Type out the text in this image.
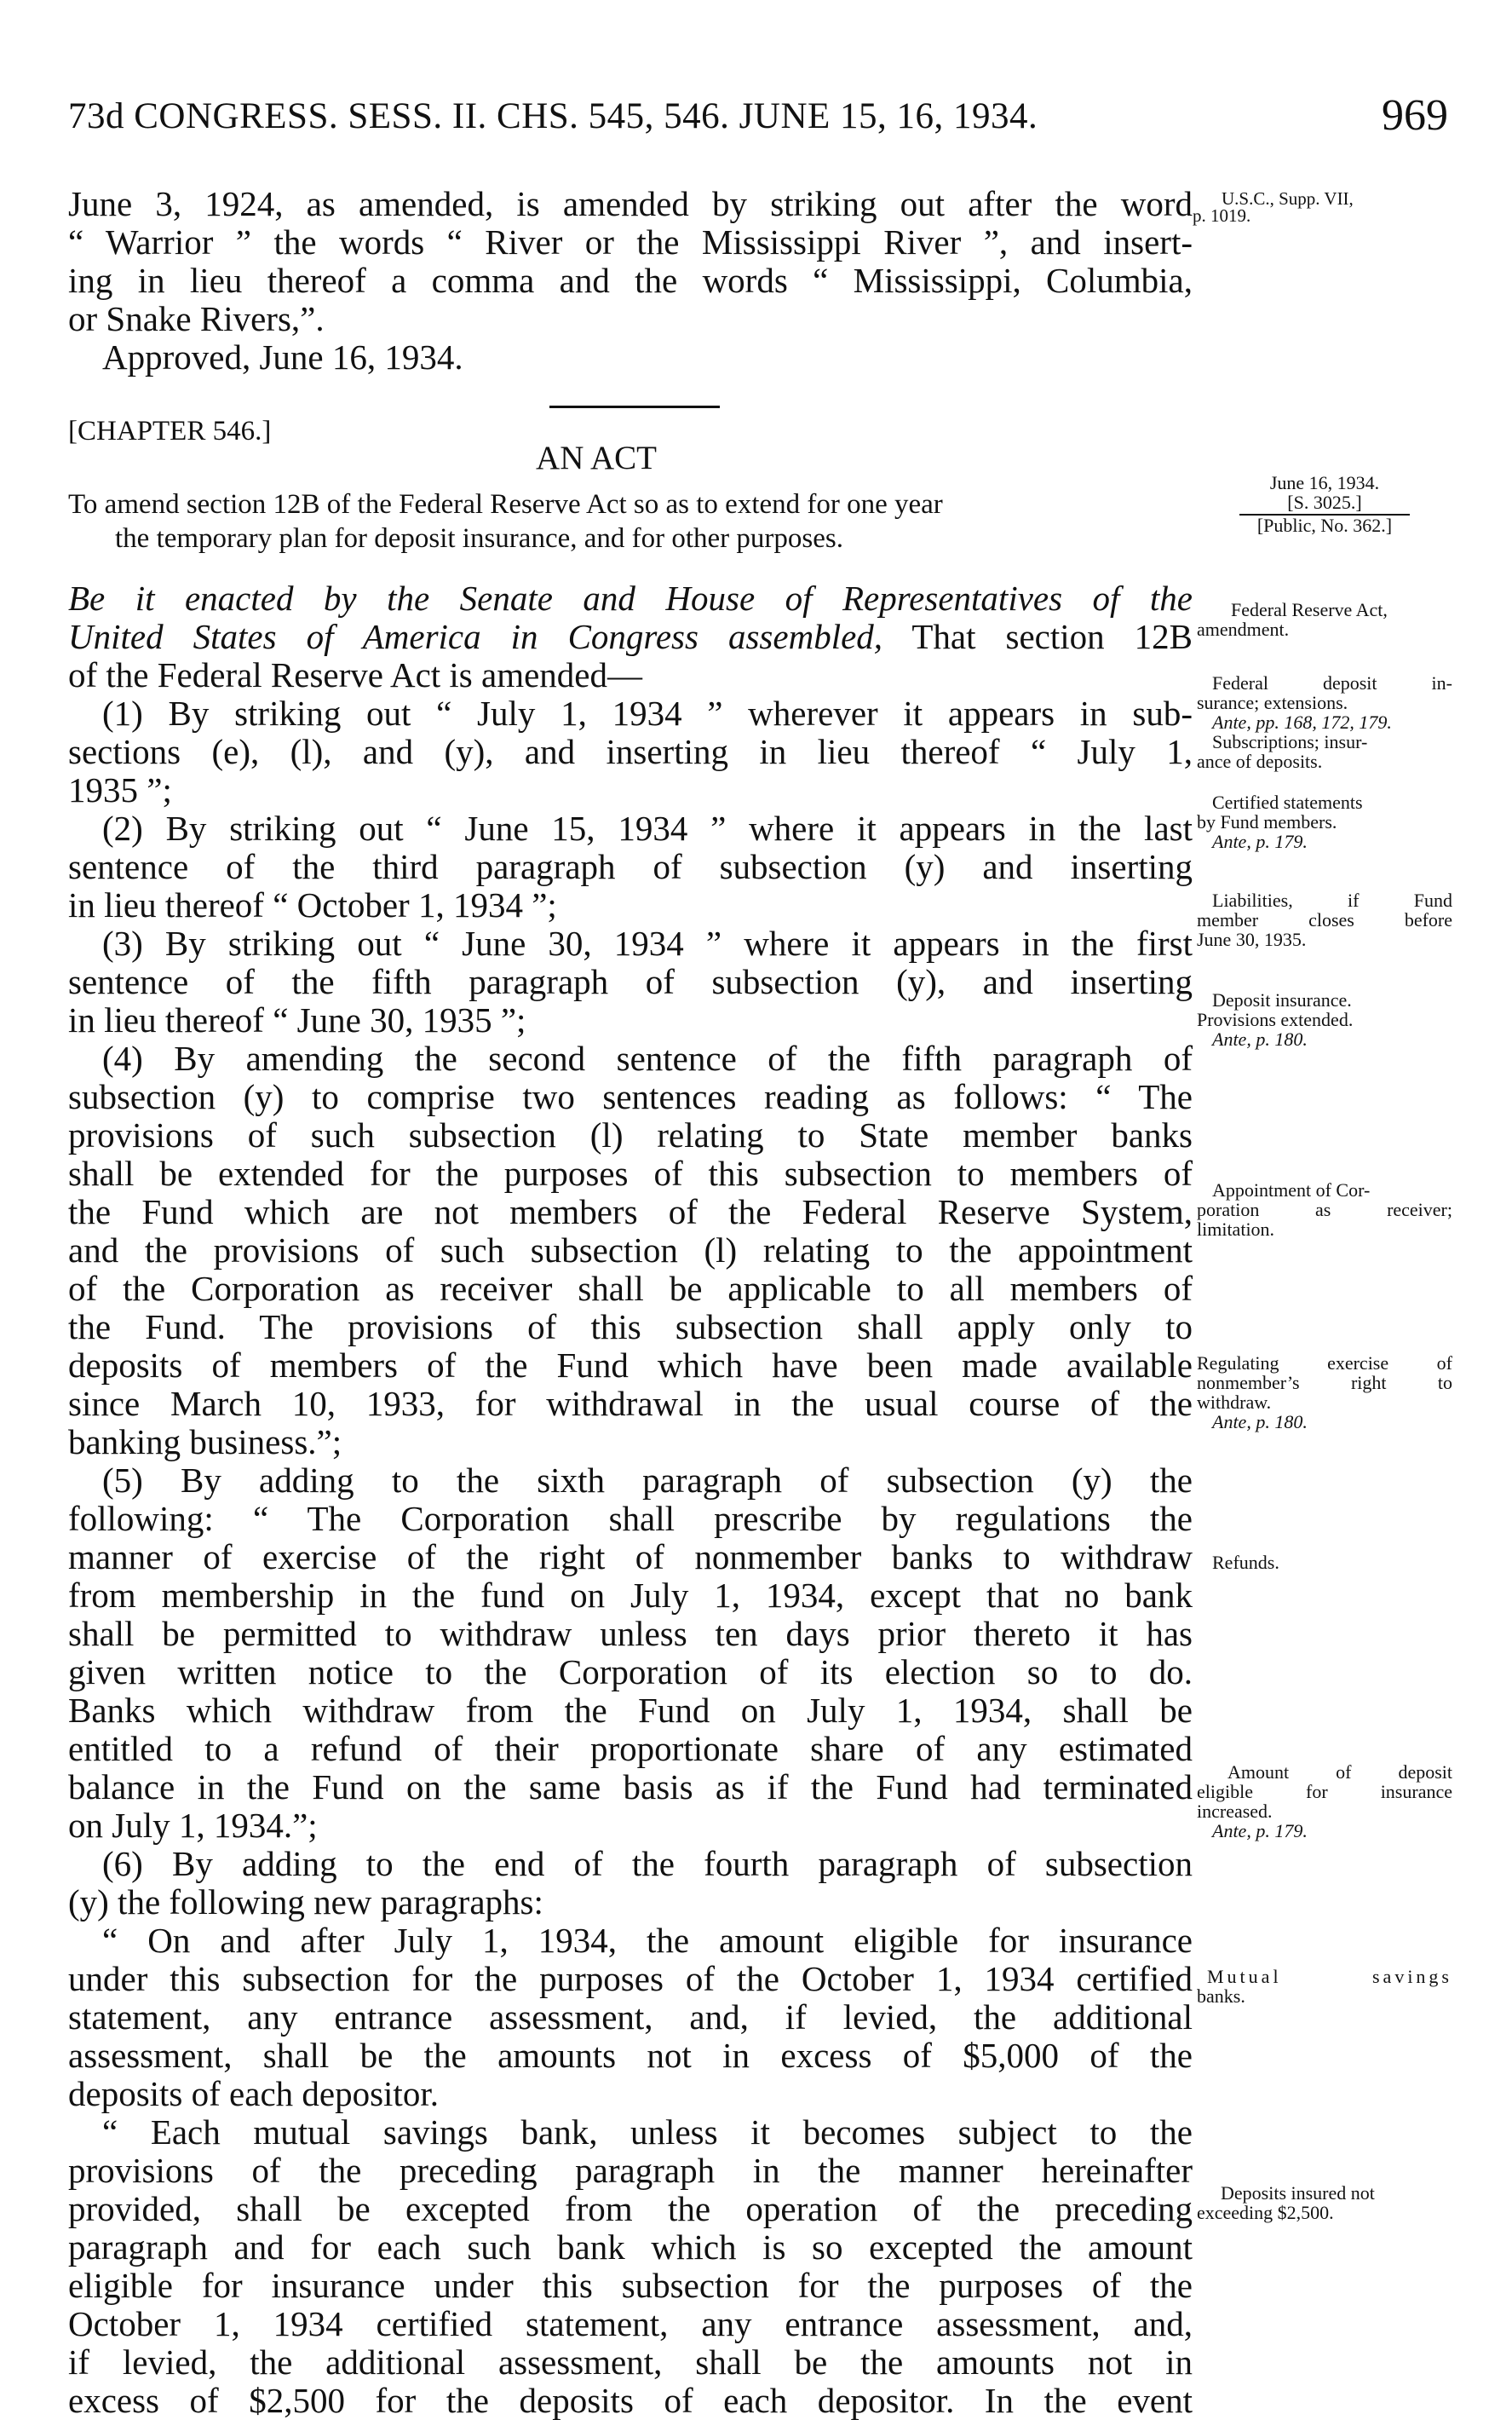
73d CONGRESS. SESS. II. CHS. 545, 546. JUNE 15, 16, 1934.	969
June 3, 1924, as amended, is amended by striking out after the word
“ Warrior ” the words “ River or the Mississippi River ”, and insert-
ing in lieu thereof a comma and the words “ Mississippi, Columbia,
or Snake Rivers,”.
Approved, June 16, 1934.
[CHAPTER 546.]
AN ACT
To amend section 12B of the Federal Reserve Act so as to extend for one year
the temporary plan for deposit insurance, and for other purposes.
Be it enacted by the Senate and House of Representatives of the
United States of America in Congress assembled, That section 12B
of the Federal Reserve Act is amended—
(1) By striking out “ July 1, 1934 ” wherever it appears in sub-
sections (e), (l), and (y), and inserting in lieu thereof “ July 1,
1935 ”;
(2) By striking out “ June 15, 1934 ” where it appears in the last
sentence of the third paragraph of subsection (y) and inserting
in lieu thereof “ October 1, 1934 ”;
(3) By striking out “ June 30, 1934 ” where it appears in the first
sentence of the fifth paragraph of subsection (y), and inserting
in lieu thereof “ June 30, 1935 ”;
(4) By amending the second sentence of the fifth paragraph of
subsection (y) to comprise two sentences reading as follows: “ The
provisions of such subsection (l) relating to State member banks
shall be extended for the purposes of this subsection to members of
the Fund which are not members of the Federal Reserve System,
and the provisions of such subsection (l) relating to the appointment
of the Corporation as receiver shall be applicable to all members of
the Fund. The provisions of this subsection shall apply only to
deposits of members of the Fund which have been made available
since March 10, 1933, for withdrawal in the usual course of the
banking business.”;
(5) By adding to the sixth paragraph of subsection (y) the
following: “ The Corporation shall prescribe by regulations the
manner of exercise of the right of nonmember banks to withdraw
from membership in the fund on July 1, 1934, except that no bank
shall be permitted to withdraw unless ten days prior thereto it has
given written notice to the Corporation of its election so to do.
Banks which withdraw from the Fund on July 1, 1934, shall be
entitled to a refund of their proportionate share of any estimated
balance in the Fund on the same basis as if the Fund had terminated
on July 1, 1934.”;
(6) By adding to the end of the fourth paragraph of subsection
(y) the following new paragraphs:
“ On and after July 1, 1934, the amount eligible for insurance
under this subsection for the purposes of the October 1, 1934 certified
statement, any entrance assessment, and, if levied, the additional
assessment, shall be the amounts not in excess of $5,000 of the
deposits of each depositor.
“ Each mutual savings bank, unless it becomes subject to the
provisions of the preceding paragraph in the manner hereinafter
provided, shall be excepted from the operation of the preceding
paragraph and for each such bank which is so excepted the amount
eligible for insurance under this subsection for the purposes of the
October 1, 1934 certified statement, any entrance assessment, and,
if levied, the additional assessment, shall be the amounts not in
excess of $2,500 for the deposits of each depositor. In the event
U.S.C., Supp. VII,
p. 1019.
June 16, 1934.
[S. 3025.]
[Public, No. 362.]
Federal Reserve Act,
amendment.
Federal deposit in-
surance; extensions.
Ante, pp. 168, 172, 179.
Subscriptions; insur-
ance of deposits.
Certified statements
by Fund members.
Ante, p. 179.
Liabilities, if Fund
member closes before
June 30, 1935.
Deposit insurance.
Provisions extended.
Ante, p. 180.
Appointment of Cor-
poration as receiver;
limitation.
Regulating exercise of
nonmember’s right to
withdraw.
Ante, p. 180.
Refunds.
Amount of deposit
eligible for insurance
increased.
Ante, p. 179.
Mutual savings
banks.
Deposits insured not
exceeding $2,500.
